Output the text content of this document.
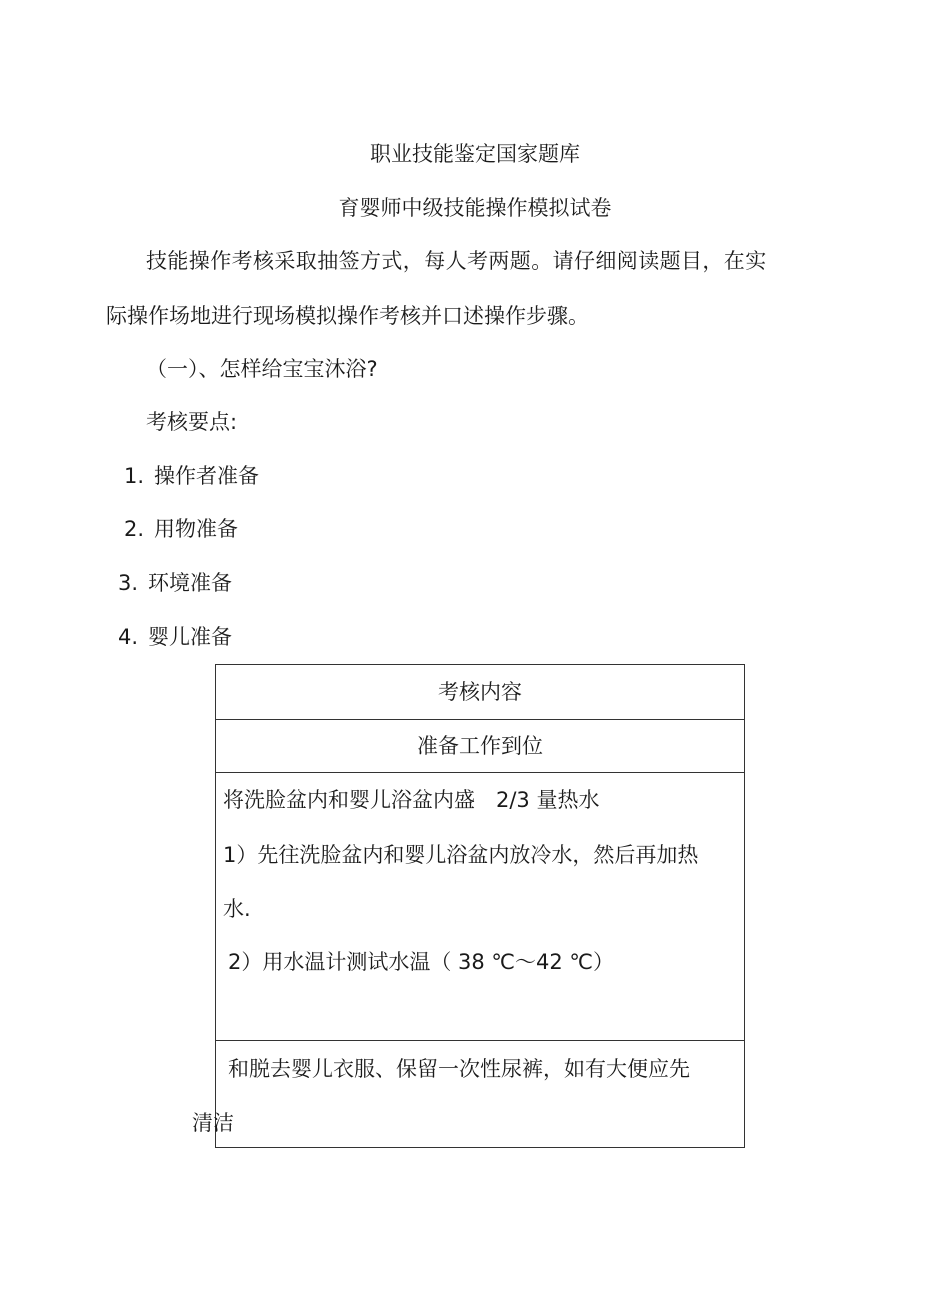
职业技能鉴定国家题库
育婴师中级技能操作模拟试卷
技能操作考核采取抽签方式，每人考两题。请仔细阅读题目，在实
际操作场地进行现场模拟操作考核并口述操作步骤。
（一）、怎样给宝宝沐浴?
考核要点:
1. 操作者准备
2. 用物准备
3. 环境准备
4. 婴儿准备
考核内容
准备工作到位
将洗脸盆内和婴儿浴盆内盛　2/3 量热水
1）先往洗脸盆内和婴儿浴盆内放冷水，然后再加热
水.
2）用水温计测试水温（ 38 ℃～42 ℃）
和脱去婴儿衣服、保留一次性尿裤，如有大便应先
清洁
